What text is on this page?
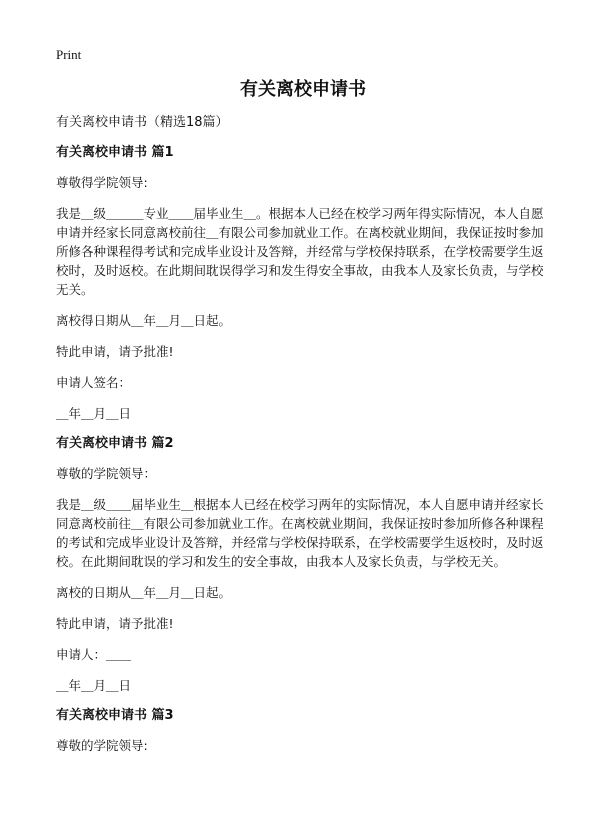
Print
有关离校申请书
有关离校申请书（精选18篇）
有关离校申请书 篇1

尊敬得学院领导:

我是＿级＿＿＿专业＿＿届毕业生＿。根据本人已经在校学习两年得实际情况，本人自愿申请并经家长同意离校前往＿有限公司参加就业工作。在离校就业期间，我保证按时参加所修各种课程得考试和完成毕业设计及答辩，并经常与学校保持联系，在学校需要学生返校时，及时返校。在此期间耽误得学习和发生得安全事故，由我本人及家长负责，与学校无关。

离校得日期从＿年＿月＿日起。

特此申请，请予批准!

申请人签名：

＿年＿月＿日

有关离校申请书 篇2

尊敬的学院领导：

我是＿级＿＿届毕业生＿根据本人已经在校学习两年的实际情况，本人自愿申请并经家长同意离校前往＿有限公司参加就业工作。在离校就业期间，我保证按时参加所修各种课程的考试和完成毕业设计及答辩，并经常与学校保持联系，在学校需要学生返校时，及时返校。在此期间耽误的学习和发生的安全事故，由我本人及家长负责，与学校无关。

离校的日期从＿年＿月＿日起。

特此申请，请予批准!

申请人：＿＿

＿年＿月＿日

有关离校申请书 篇3

尊敬的学院领导:
